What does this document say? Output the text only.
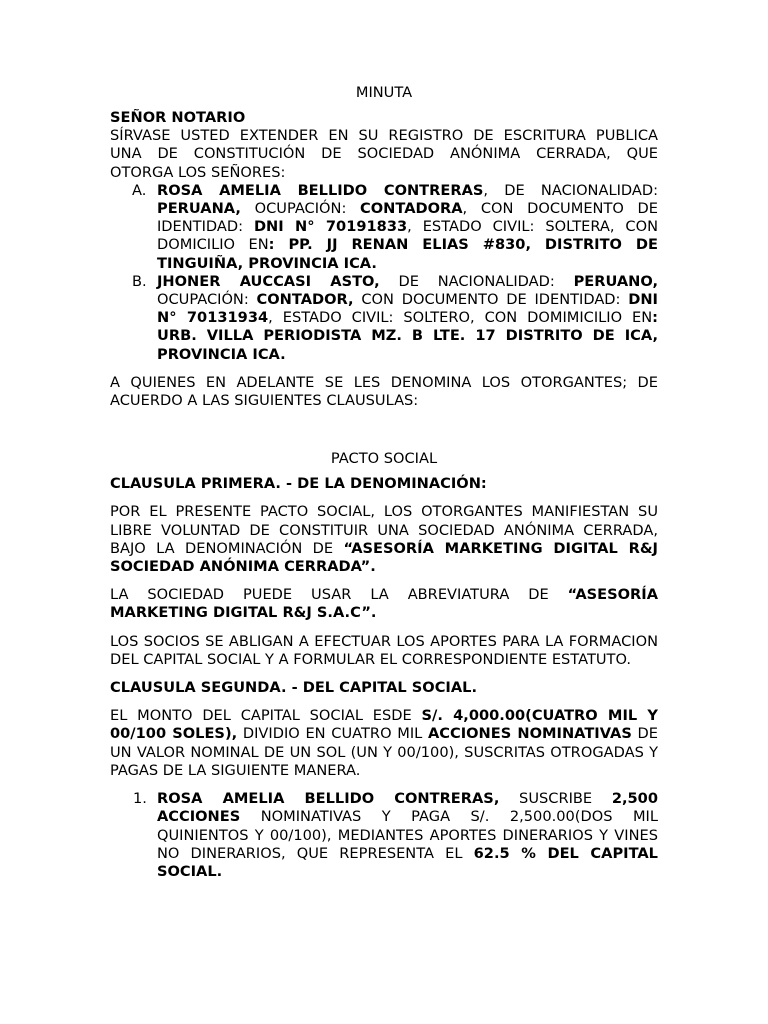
MINUTA

SEÑOR NOTARIO

SÍRVASE USTED EXTENDER EN SU REGISTRO DE ESCRITURA PUBLICA

UNA DE CONSTITUCIÓN DE SOCIEDAD ANÓNIMA CERRADA, QUE

OTORGA LOS SEÑORES:

A. ROSA AMELIA BELLIDO CONTRERAS, DE NACIONALIDAD: PERUANA, OCUPACIÓN: CONTADORA, CON DOCUMENTO DE IDENTIDAD: DNI N° 70191833, ESTADO CIVIL: SOLTERA, CON DOMICILIO EN: PP. JJ RENAN ELIAS #830, DISTRITO DE TINGUIÑA, PROVINCIA ICA.
B. JHONER AUCCASI ASTO, DE NACIONALIDAD: PERUANO, OCUPACIÓN: CONTADOR, CON DOCUMENTO DE IDENTIDAD: DNI N° 70131934, ESTADO CIVIL: SOLTERO, CON DOMIMICILIO EN: URB. VILLA PERIODISTA MZ. B LTE. 17 DISTRITO DE ICA, PROVINCIA ICA.

A QUIENES EN ADELANTE SE LES DENOMINA LOS OTORGANTES; DE ACUERDO A LAS SIGUIENTES CLAUSULAS:

PACTO SOCIAL

CLAUSULA PRIMERA. - DE LA DENOMINACIÓN:

POR EL PRESENTE PACTO SOCIAL, LOS OTORGANTES MANIFIESTAN SU LIBRE VOLUNTAD DE CONSTITUIR UNA SOCIEDAD ANÓNIMA CERRADA, BAJO LA DENOMINACIÓN DE “ASESORÍA MARKETING DIGITAL R&J SOCIEDAD ANÓNIMA CERRADA”.

LA SOCIEDAD PUEDE USAR LA ABREVIATURA DE “ASESORÍA MARKETING DIGITAL R&J S.A.C”.

LOS SOCIOS SE ABLIGAN A EFECTUAR LOS APORTES PARA LA FORMACION DEL CAPITAL SOCIAL Y A FORMULAR EL CORRESPONDIENTE ESTATUTO.

CLAUSULA SEGUNDA. - DEL CAPITAL SOCIAL.

EL MONTO DEL CAPITAL SOCIAL ESDE S/. 4,000.00(CUATRO MIL Y 00/100 SOLES), DIVIDIO EN CUATRO MIL ACCIONES NOMINATIVAS DE UN VALOR NOMINAL DE UN SOL (UN Y 00/100), SUSCRITAS OTROGADAS Y PAGAS DE LA SIGUIENTE MANERA.

1. ROSA AMELIA BELLIDO CONTRERAS, SUSCRIBE 2,500 ACCIONES NOMINATIVAS Y PAGA S/. 2,500.00(DOS MIL QUINIENTOS Y 00/100), MEDIANTES APORTES DINERARIOS Y VINES NO DINERARIOS, QUE REPRESENTA EL 62.5 % DEL CAPITAL SOCIAL.
